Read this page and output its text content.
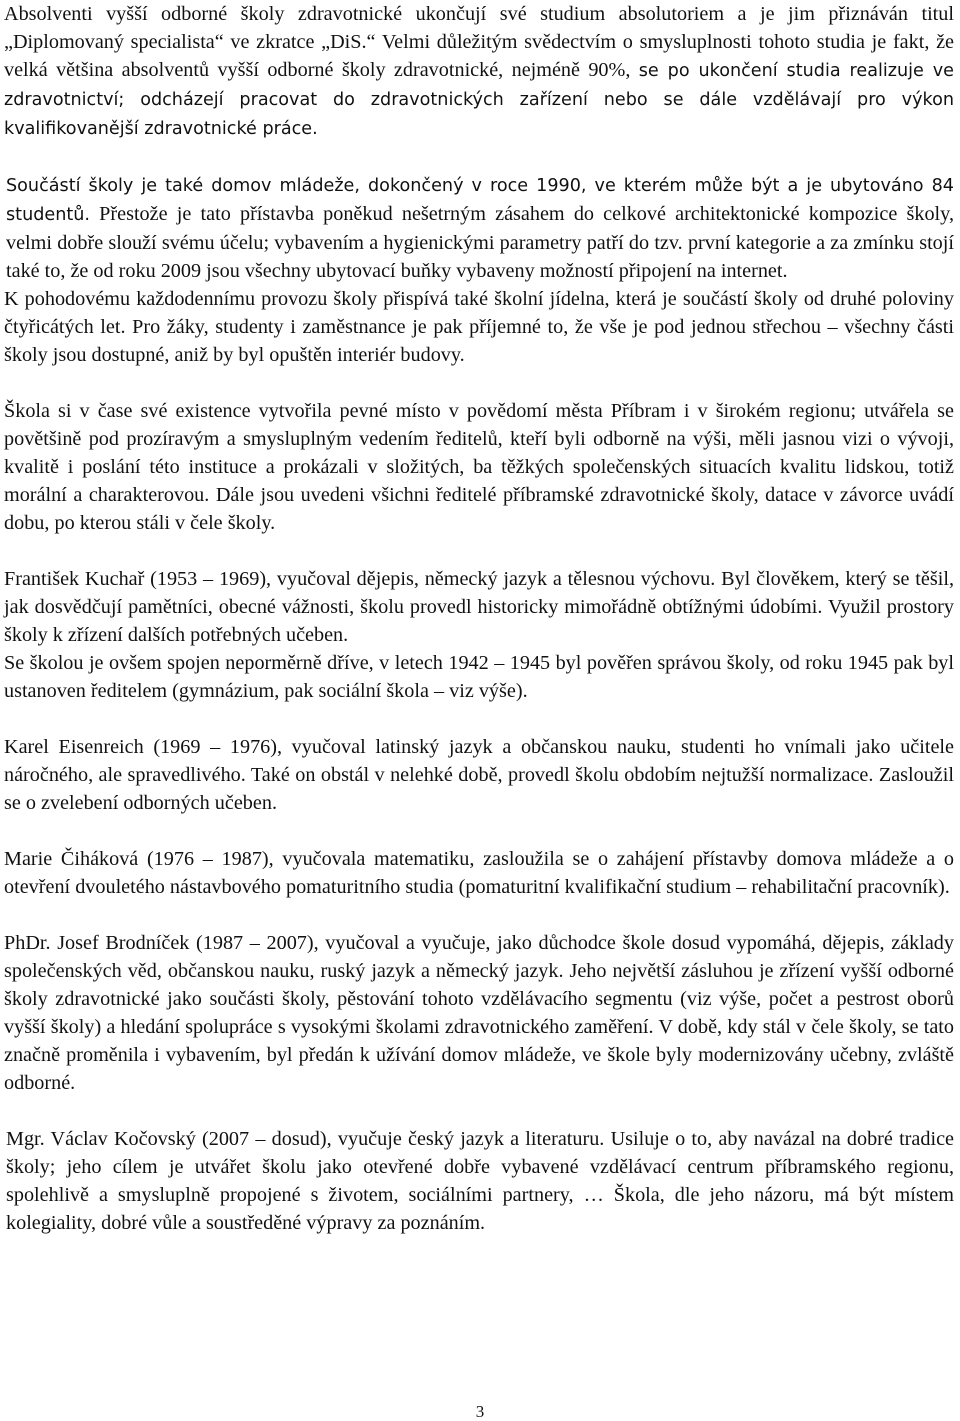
Absolventi vyšší odborné školy zdravotnické ukončují své studium absolutoriem a je jim přiznáván titul „Diplomovaný specialista“ ve zkratce „DiS.“ Velmi důležitým svědectvím o smysluplnosti tohoto studia je fakt, že velká většina absolventů vyšší odborné školy zdravotnické, nejméně 90%, se po ukončení studia realizuje ve zdravotnictví; odcházejí pracovat do zdravotnických zařízení nebo se dále vzdělávají pro výkon kvalifikovanější zdravotnické práce.

Součástí školy je také domov mládeže, dokončený v roce 1990, ve kterém může být a je ubytováno 84 studentů. Přestože je tato přístavba poněkud nešetrným zásahem do celkové architektonické kompozice školy, velmi dobře slouží svému účelu; vybavením a hygienickými parametry patří do tzv. první kategorie a za zmínku stojí také to, že od roku 2009 jsou všechny ubytovací buňky vybaveny možností připojení na internet.

K pohodovému každodennímu provozu školy přispívá také školní jídelna, která je součástí školy od druhé poloviny čtyřicátých let. Pro žáky, studenty i zaměstnance je pak příjemné to, že vše je pod jednou střechou – všechny části školy jsou dostupné, aniž by byl opuštěn interiér budovy.

Škola si v čase své existence vytvořila pevné místo v povědomí města Příbram i v širokém regionu; utvářela se povětšině pod prozíravým a smysluplným vedením ředitelů, kteří byli odborně na výši, měli jasnou vizi o vývoji, kvalitě i poslání této instituce a prokázali v složitých, ba těžkých společenských situacích kvalitu lidskou, totiž morální a charakterovou. Dále jsou uvedeni všichni ředitelé příbramské zdravotnické školy, datace v závorce uvádí dobu, po kterou stáli v čele školy.

František Kuchař (1953 – 1969), vyučoval dějepis, německý jazyk a tělesnou výchovu. Byl člověkem, který se těšil, jak dosvědčují pamětníci, obecné vážnosti, školu provedl historicky mimořádně obtížnými údobími. Využil prostory školy k zřízení dalších potřebných učeben.

Se školou je ovšem spojen neporměrně dříve, v letech 1942 – 1945 byl pověřen správou školy, od roku 1945 pak byl ustanoven ředitelem (gymnázium, pak sociální škola – viz výše).

Karel Eisenreich (1969 – 1976), vyučoval latinský jazyk a občanskou nauku, studenti ho vnímali jako učitele náročného, ale spravedlivého. Také on obstál v nelehké době, provedl školu obdobím nejtužší normalizace. Zasloužil se o zvelebení odborných učeben.

Marie Čiháková (1976 – 1987), vyučovala matematiku, zasloužila se o zahájení přístavby domova mládeže a o otevření dvouletého nástavbového pomaturitního studia (pomaturitní kvalifikační studium – rehabilitační pracovník).

PhDr. Josef Brodníček (1987 – 2007), vyučoval a vyučuje, jako důchodce škole dosud vypomáhá, dějepis, základy společenských věd, občanskou nauku, ruský jazyk a německý jazyk. Jeho největší zásluhou je zřízení vyšší odborné školy zdravotnické jako součásti školy, pěstování tohoto vzdělávacího segmentu (viz výše, počet a pestrost oborů vyšší školy) a hledání spolupráce s vysokými školami zdravotnického zaměření. V době, kdy stál v čele školy, se tato značně proměnila i vybavením, byl předán k užívání domov mládeže, ve škole byly modernizovány učebny, zvláště odborné.

Mgr. Václav Kočovský (2007 – dosud), vyučuje český jazyk a literaturu. Usiluje o to, aby navázal na dobré tradice školy; jeho cílem je utvářet školu jako otevřené dobře vybavené vzdělávací centrum příbramského regionu, spolehlivě a smysluplně propojené s životem, sociálními partnery, … Škola, dle jeho názoru, má být místem kolegiality, dobré vůle a soustředěné výpravy za poznáním.

3
